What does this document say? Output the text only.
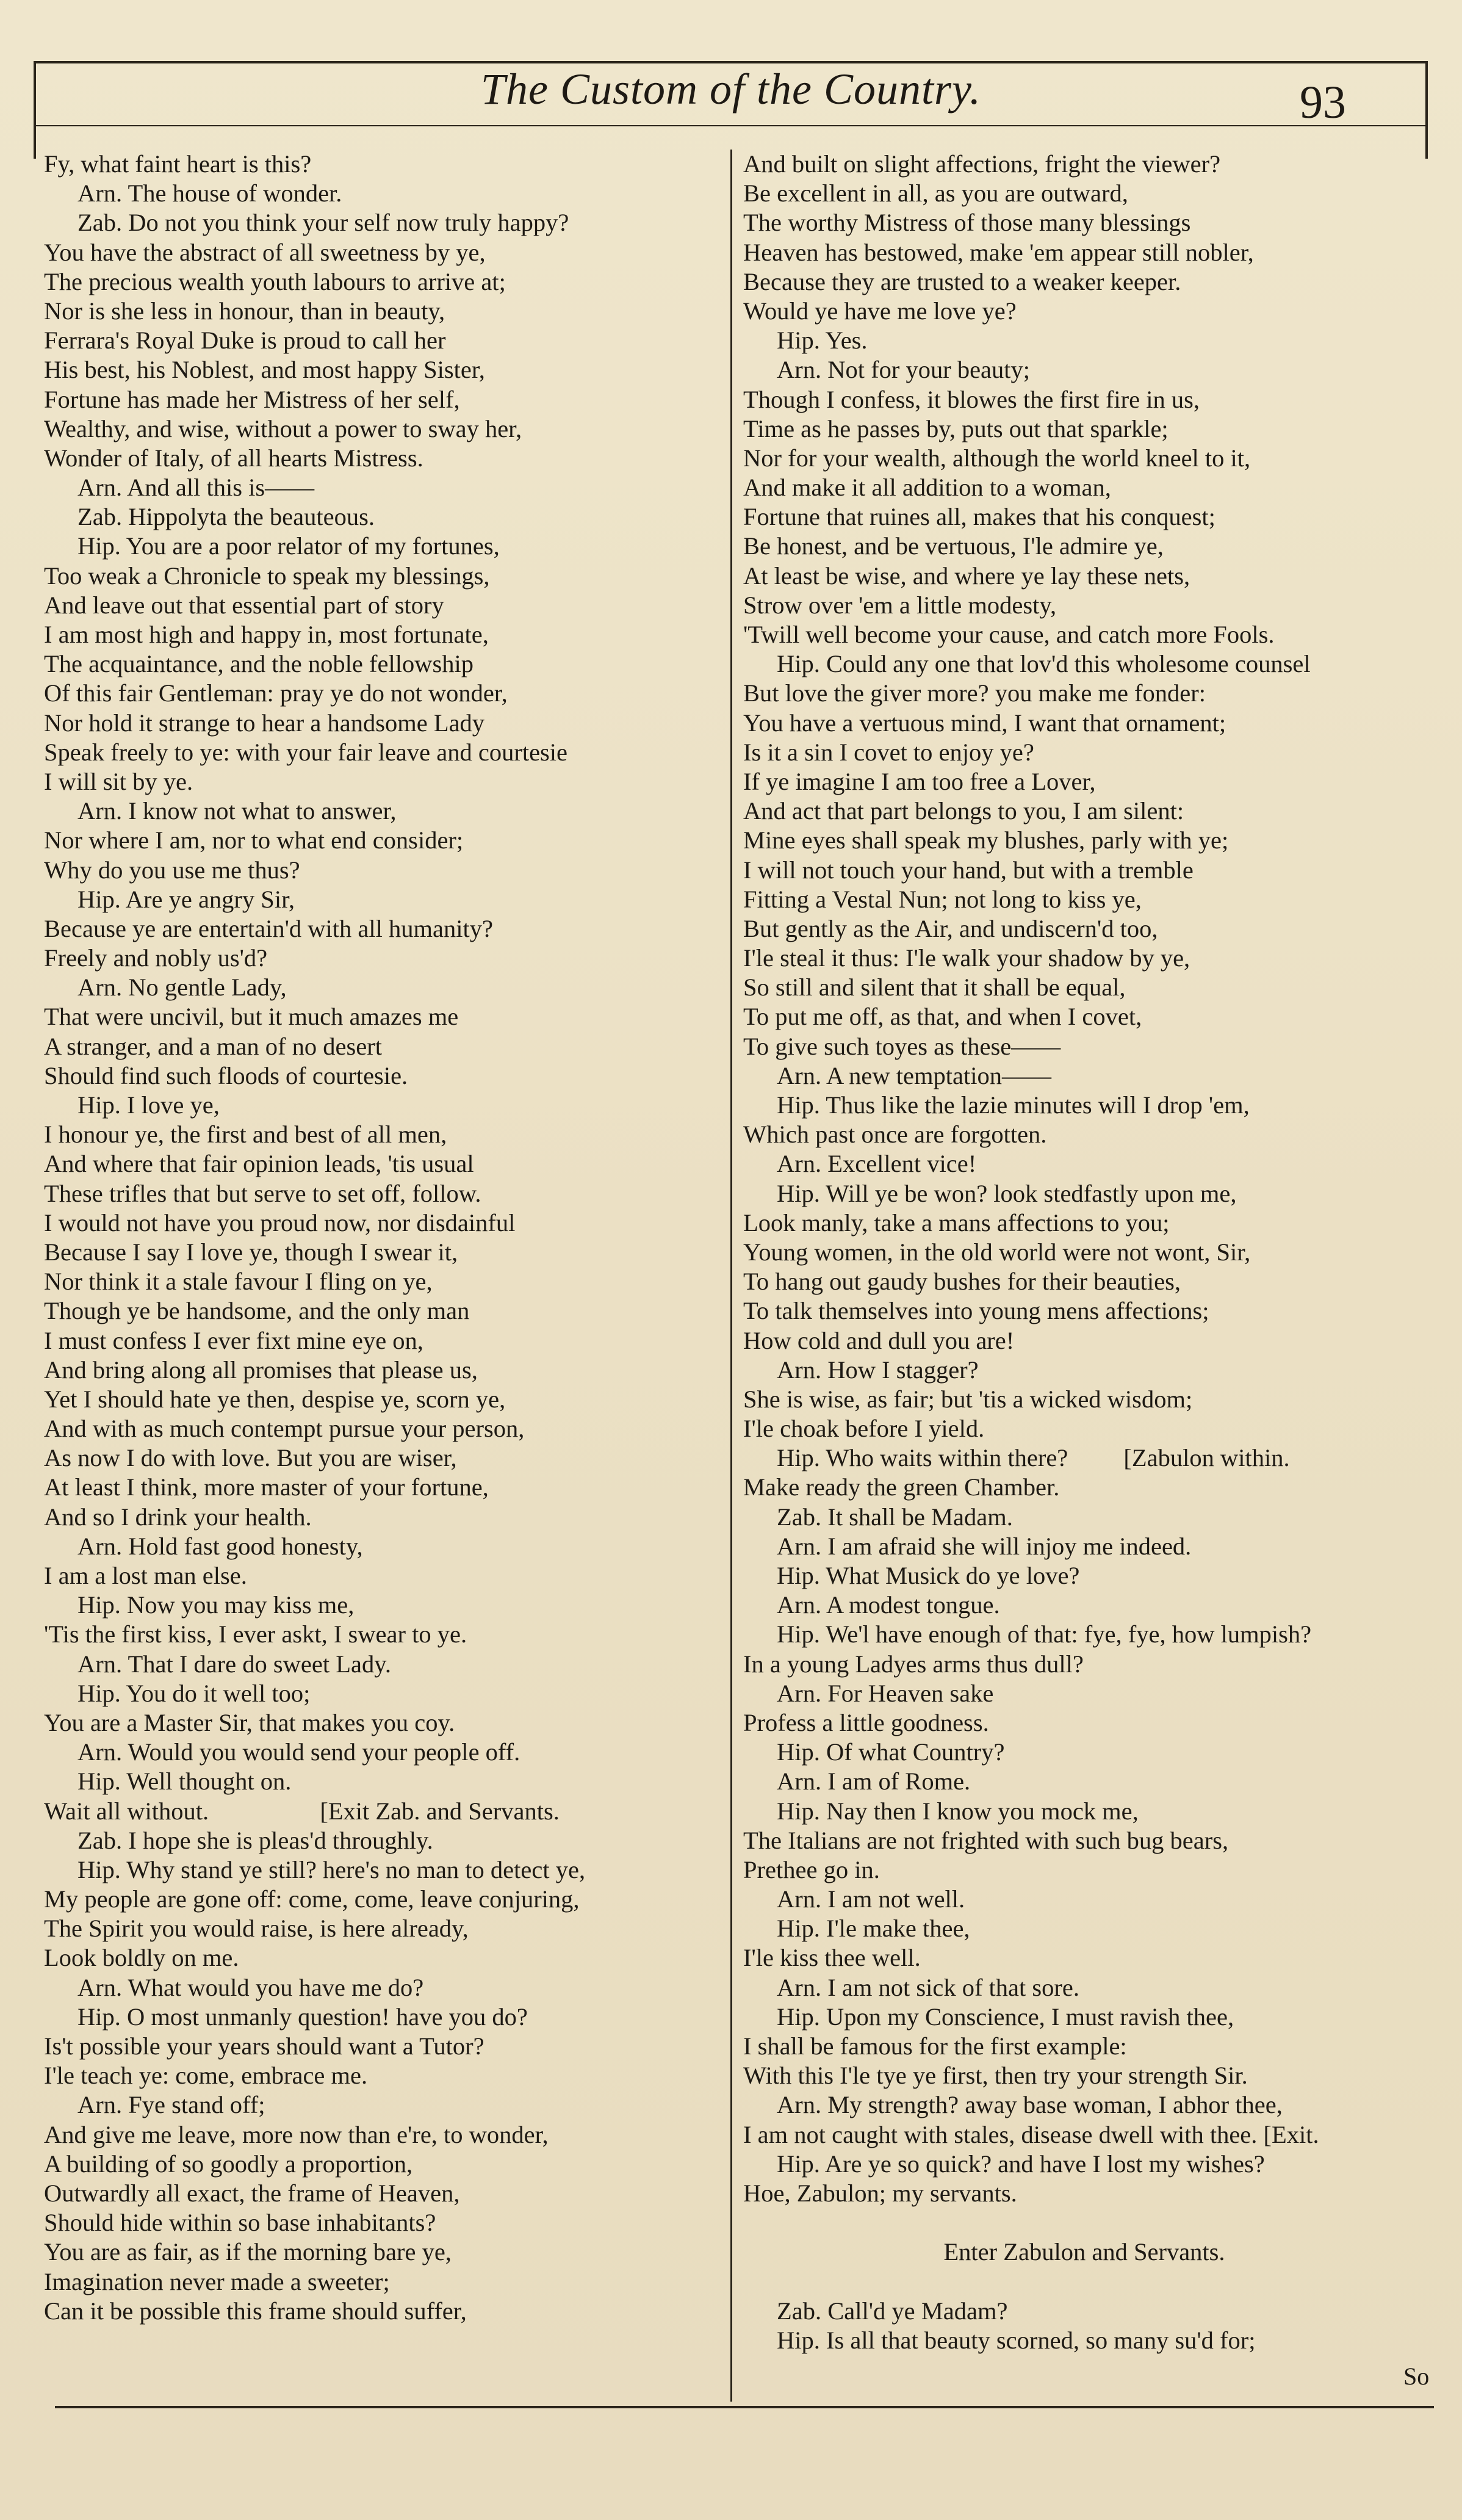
The Custom of the Country.	93
Fy, what faint heart is this?
Arn. The house of wonder.
Zab. Do not you think your self now truly happy?
You have the abstract of all sweetness by ye,
The precious wealth youth labours to arrive at;
Nor is she less in honour, than in beauty,
Ferrara's Royal Duke is proud to call her
His best, his Noblest, and most happy Sister,
Fortune has made her Mistress of her self,
Wealthy, and wise, without a power to sway her,
Wonder of Italy, of all hearts Mistress.
Arn. And all this is——
Zab. Hippolyta the beauteous.
Hip. You are a poor relator of my fortunes,
Too weak a Chronicle to speak my blessings,
And leave out that essential part of story
I am most high and happy in, most fortunate,
The acquaintance, and the noble fellowship
Of this fair Gentleman: pray ye do not wonder,
Nor hold it strange to hear a handsome Lady
Speak freely to ye: with your fair leave and courtesie
I will sit by ye.
Arn. I know not what to answer,
Nor where I am, nor to what end consider;
Why do you use me thus?
Hip. Are ye angry Sir,
Because ye are entertain'd with all humanity?
Freely and nobly us'd?
Arn. No gentle Lady,
That were uncivil, but it much amazes me
A stranger, and a man of no desert
Should find such floods of courtesie.
Hip. I love ye,
I honour ye, the first and best of all men,
And where that fair opinion leads, 'tis usual
These trifles that but serve to set off, follow.
I would not have you proud now, nor disdainful
Because I say I love ye, though I swear it,
Nor think it a stale favour I fling on ye,
Though ye be handsome, and the only man
I must confess I ever fixt mine eye on,
And bring along all promises that please us,
Yet I should hate ye then, despise ye, scorn ye,
And with as much contempt pursue your person,
As now I do with love. But you are wiser,
At least I think, more master of your fortune,
And so I drink your health.
Arn. Hold fast good honesty,
I am a lost man else.
Hip. Now you may kiss me,
'Tis the first kiss, I ever askt, I swear to ye.
Arn. That I dare do sweet Lady.
Hip. You do it well too;
You are a Master Sir, that makes you coy.
Arn. Would you would send your people off.
Hip. Well thought on.
Wait all without.                  [Exit Zab. and Servants.
Zab. I hope she is pleas'd throughly.
Hip. Why stand ye still? here's no man to detect ye,
My people are gone off: come, come, leave conjuring,
The Spirit you would raise, is here already,
Look boldly on me.
Arn. What would you have me do?
Hip. O most unmanly question! have you do?
Is't possible your years should want a Tutor?
I'le teach ye: come, embrace me.
Arn. Fye stand off;
And give me leave, more now than e're, to wonder,
A building of so goodly a proportion,
Outwardly all exact, the frame of Heaven,
Should hide within so base inhabitants?
You are as fair, as if the morning bare ye,
Imagination never made a sweeter;
Can it be possible this frame should suffer,
And built on slight affections, fright the viewer?
Be excellent in all, as you are outward,
The worthy Mistress of those many blessings
Heaven has bestowed, make 'em appear still nobler,
Because they are trusted to a weaker keeper.
Would ye have me love ye?
Hip. Yes.
Arn. Not for your beauty;
Though I confess, it blowes the first fire in us,
Time as he passes by, puts out that sparkle;
Nor for your wealth, although the world kneel to it,
And make it all addition to a woman,
Fortune that ruines all, makes that his conquest;
Be honest, and be vertuous, I'le admire ye,
At least be wise, and where ye lay these nets,
Strow over 'em a little modesty,
'Twill well become your cause, and catch more Fools.
Hip. Could any one that lov'd this wholesome counsel
But love the giver more? you make me fonder:
You have a vertuous mind, I want that ornament;
Is it a sin I covet to enjoy ye?
If ye imagine I am too free a Lover,
And act that part belongs to you, I am silent:
Mine eyes shall speak my blushes, parly with ye;
I will not touch your hand, but with a tremble
Fitting a Vestal Nun; not long to kiss ye,
But gently as the Air, and undiscern'd too,
I'le steal it thus: I'le walk your shadow by ye,
So still and silent that it shall be equal,
To put me off, as that, and when I covet,
To give such toyes as these——
Arn. A new temptation——
Hip. Thus like the lazie minutes will I drop 'em,
Which past once are forgotten.
Arn. Excellent vice!
Hip. Will ye be won? look stedfastly upon me,
Look manly, take a mans affections to you;
Young women, in the old world were not wont, Sir,
To hang out gaudy bushes for their beauties,
To talk themselves into young mens affections;
How cold and dull you are!
Arn. How I stagger?
She is wise, as fair; but 'tis a wicked wisdom;
I'le choak before I yield.
Hip. Who waits within there?         [Zabulon within.
Make ready the green Chamber.
Zab. It shall be Madam.
Arn. I am afraid she will injoy me indeed.
Hip. What Musick do ye love?
Arn. A modest tongue.
Hip. We'l have enough of that: fye, fye, how lumpish?
In a young Ladyes arms thus dull?
Arn. For Heaven sake
Profess a little goodness.
Hip. Of what Country?
Arn. I am of Rome.
Hip. Nay then I know you mock me,
The Italians are not frighted with such bug bears,
Prethee go in.
Arn. I am not well.
Hip. I'le make thee,
I'le kiss thee well.
Arn. I am not sick of that sore.
Hip. Upon my Conscience, I must ravish thee,
I shall be famous for the first example:
With this I'le tye ye first, then try your strength Sir.
Arn. My strength? away base woman, I abhor thee,
I am not caught with stales, disease dwell with thee. [Exit.
Hip. Are ye so quick? and have I lost my wishes?
Hoe, Zabulon; my servants.
Enter Zabulon and Servants.
Zab. Call'd ye Madam?
Hip. Is all that beauty scorned, so many su'd for;
So
